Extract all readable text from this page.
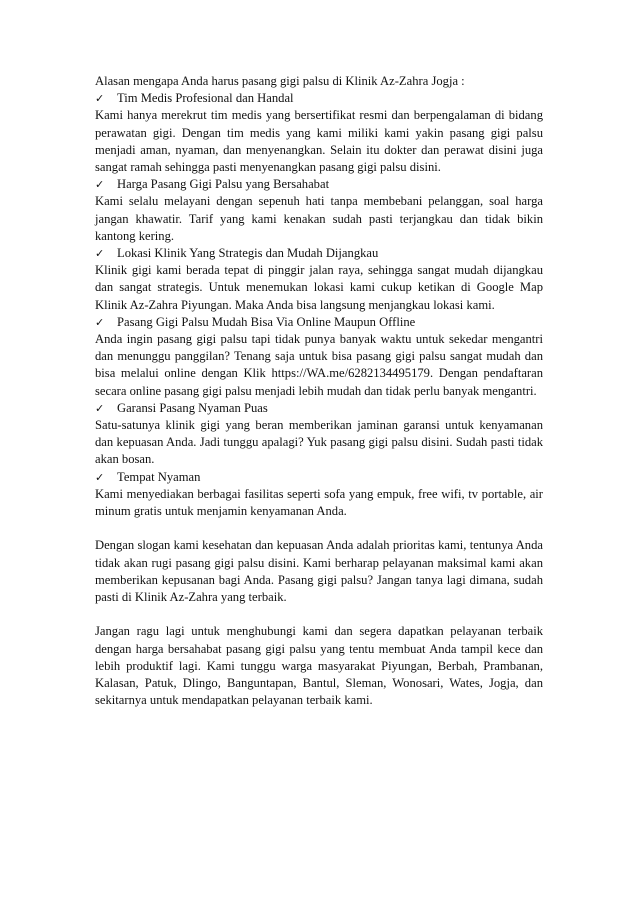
Alasan mengapa Anda harus pasang gigi palsu di Klinik Az-Zahra Jogja :

✓	Tim Medis Profesional dan Handal

Kami hanya merekrut tim medis yang bersertifikat resmi dan berpengalaman di bidang perawatan gigi. Dengan tim medis yang kami miliki kami yakin pasang gigi palsu menjadi aman, nyaman, dan menyenangkan. Selain itu dokter dan perawat disini juga sangat ramah sehingga pasti menyenangkan pasang gigi palsu disini.

✓	Harga Pasang Gigi Palsu yang Bersahabat

Kami selalu melayani dengan sepenuh hati tanpa membebani pelanggan, soal harga jangan khawatir. Tarif yang kami kenakan sudah pasti terjangkau dan tidak bikin kantong kering.

✓	Lokasi Klinik Yang Strategis dan Mudah Dijangkau

Klinik gigi kami berada tepat di pinggir jalan raya, sehingga sangat mudah dijangkau dan sangat strategis. Untuk menemukan lokasi kami cukup ketikan di Google Map Klinik Az-Zahra Piyungan. Maka Anda bisa langsung menjangkau lokasi kami.

✓	Pasang Gigi Palsu Mudah Bisa Via Online Maupun Offline

Anda ingin pasang gigi palsu tapi tidak punya banyak waktu untuk sekedar mengantri dan menunggu panggilan? Tenang saja untuk bisa pasang gigi palsu sangat mudah dan bisa melalui online dengan Klik https://WA.me/6282134495179. Dengan pendaftaran secara online pasang gigi palsu menjadi lebih mudah dan tidak perlu banyak mengantri.

✓	Garansi Pasang Nyaman Puas

Satu-satunya klinik gigi yang beran memberikan jaminan garansi untuk kenyamanan dan kepuasan Anda. Jadi tunggu apalagi? Yuk pasang gigi palsu disini. Sudah pasti tidak akan bosan.

✓	Tempat Nyaman

Kami menyediakan berbagai fasilitas seperti sofa yang empuk, free wifi, tv portable, air minum gratis untuk menjamin kenyamanan Anda.

Dengan slogan kami kesehatan dan kepuasan Anda adalah prioritas kami, tentunya Anda tidak akan rugi pasang gigi palsu disini. Kami berharap pelayanan maksimal kami akan memberikan kepusanan bagi Anda. Pasang gigi palsu? Jangan tanya lagi dimana, sudah pasti di Klinik Az-Zahra yang terbaik.

Jangan ragu lagi untuk menghubungi kami dan segera dapatkan pelayanan terbaik dengan harga bersahabat pasang gigi palsu yang tentu membuat Anda tampil kece dan lebih produktif lagi. Kami tunggu warga masyarakat Piyungan, Berbah, Prambanan, Kalasan, Patuk, Dlingo, Banguntapan, Bantul, Sleman, Wonosari, Wates, Jogja, dan sekitarnya untuk mendapatkan pelayanan terbaik kami.
